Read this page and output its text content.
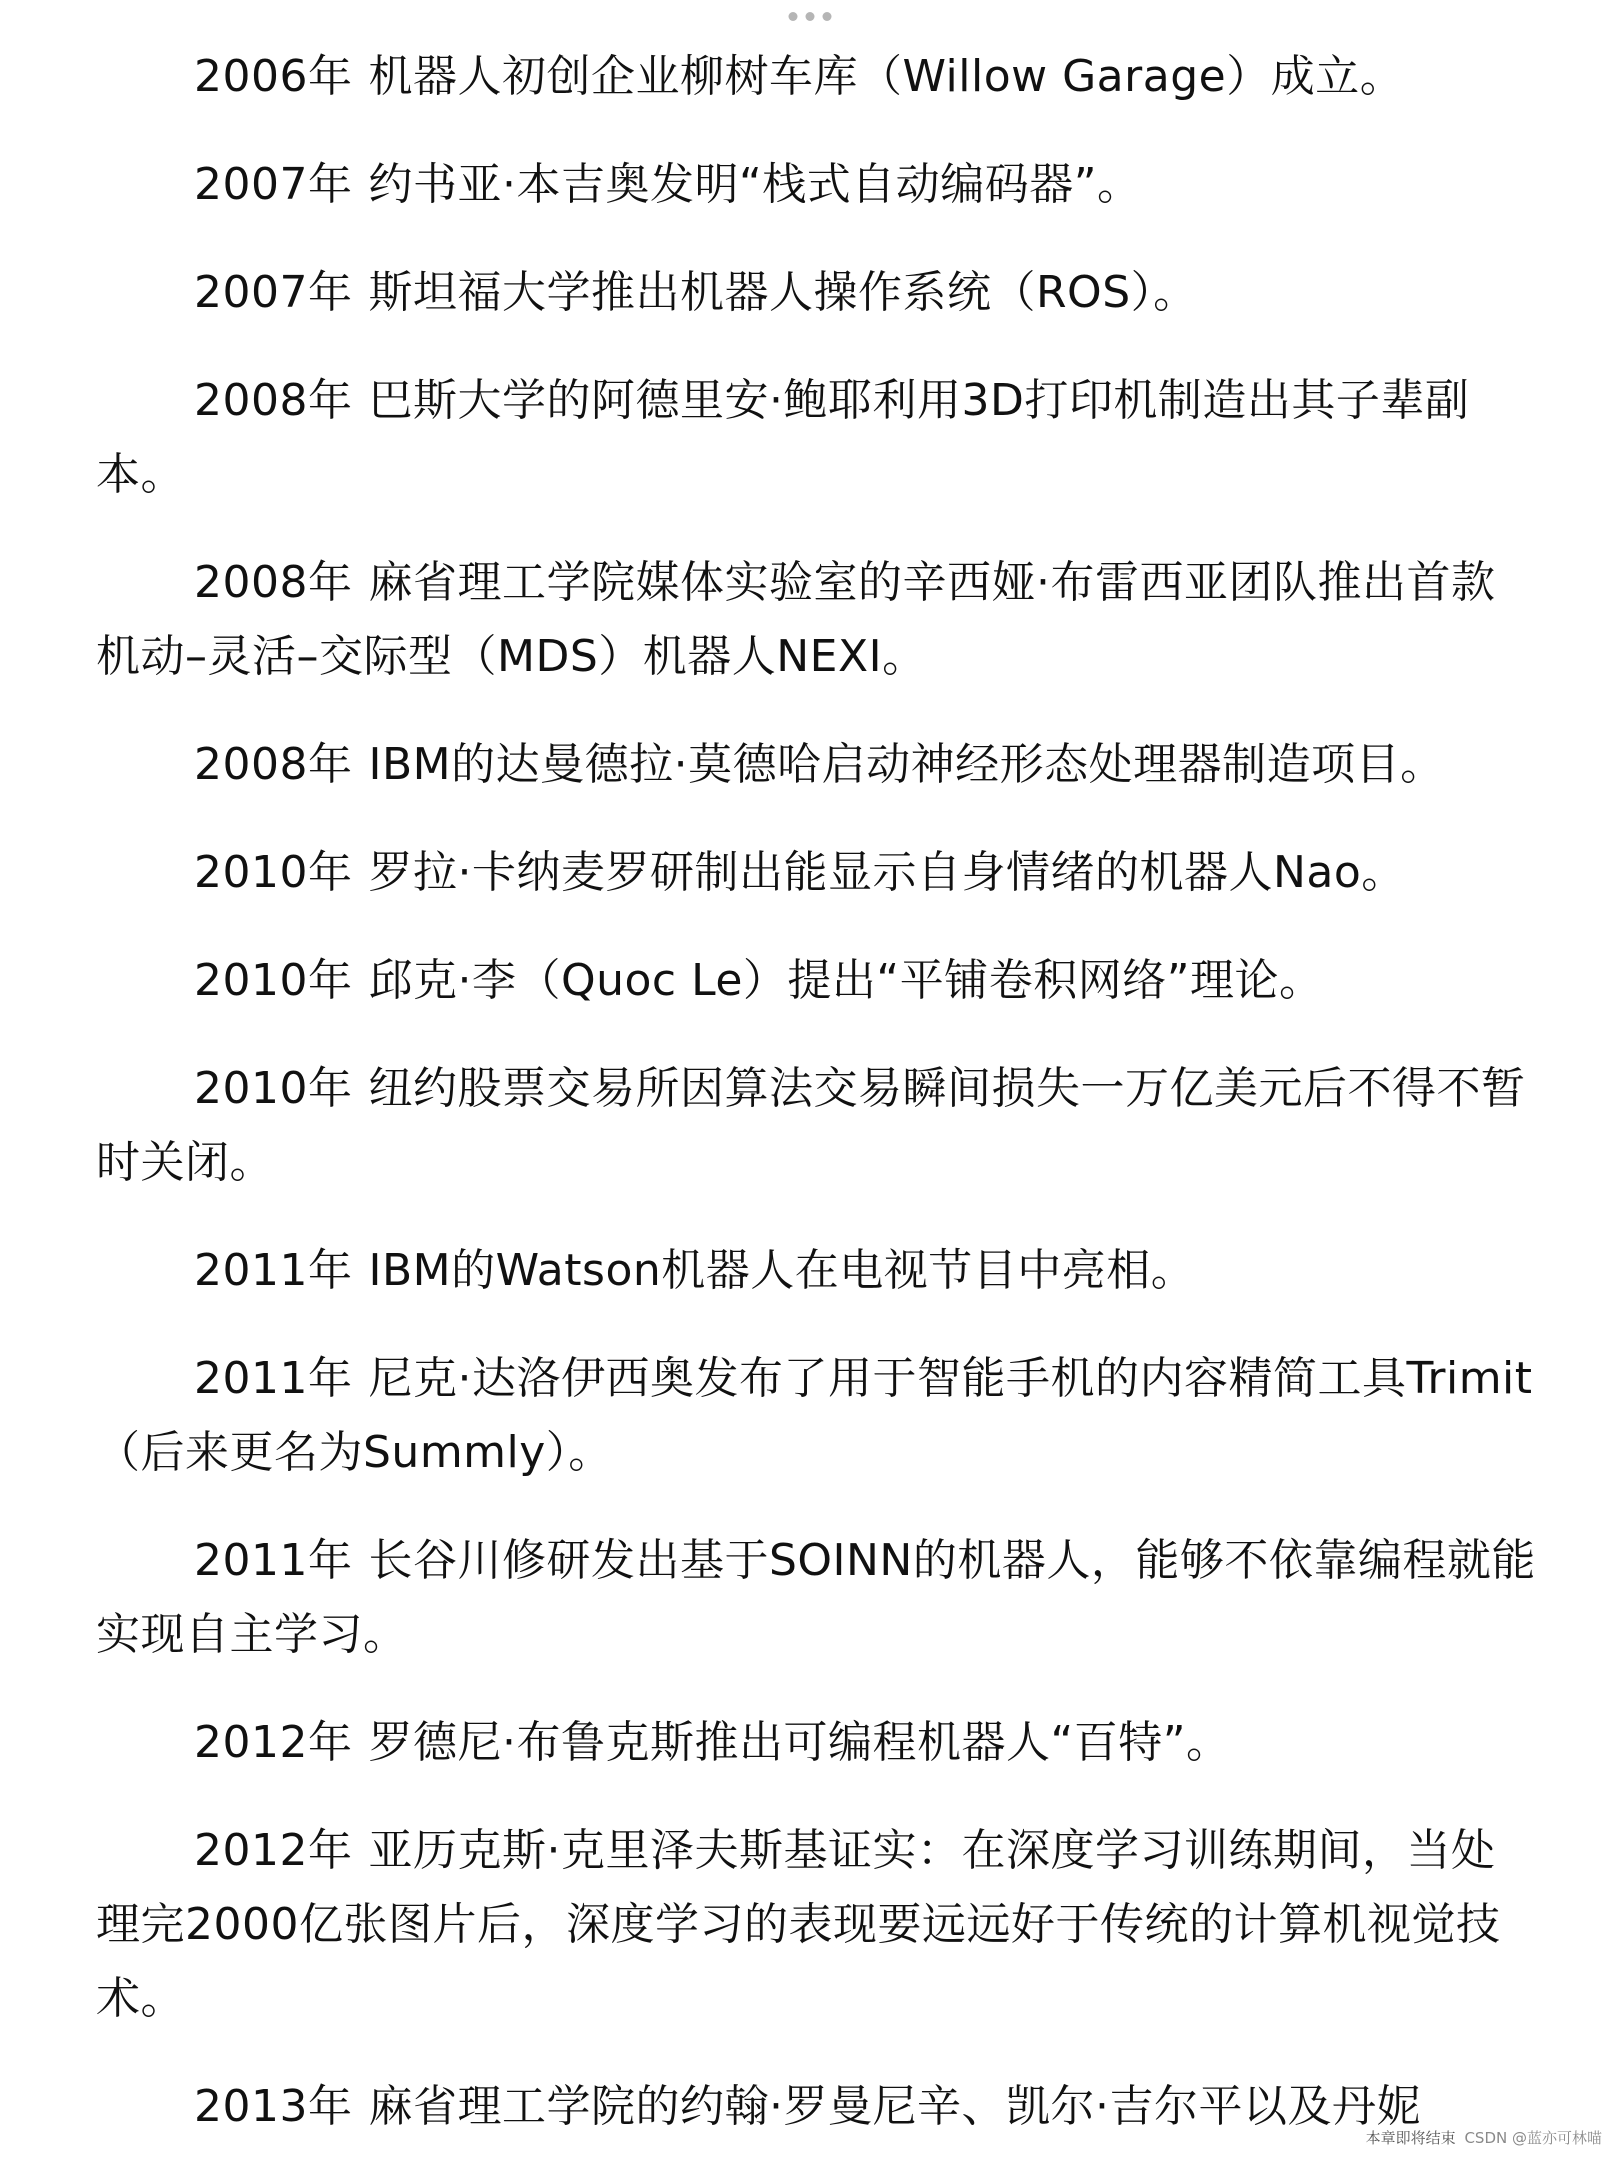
2006年 机器人初创企业柳树车库（Willow Garage）成立。

2007年 约书亚·本吉奥发明“栈式自动编码器”。

2007年 斯坦福大学推出机器人操作系统（ROS）。

2008年 巴斯大学的阿德里安·鲍耶利用3D打印机制造出其子辈副本。

2008年 麻省理工学院媒体实验室的辛西娅·布雷西亚团队推出首款机动–灵活–交际型（MDS）机器人NEXI。

2008年 IBM的达曼德拉·莫德哈启动神经形态处理器制造项目。

2010年 罗拉·卡纳麦罗研制出能显示自身情绪的机器人Nao。

2010年 邱克·李（Quoc Le）提出“平铺卷积网络”理论。

2010年 纽约股票交易所因算法交易瞬间损失一万亿美元后不得不暂时关闭。

2011年 IBM的Watson机器人在电视节目中亮相。

2011年 尼克·达洛伊西奥发布了用于智能手机的内容精简工具Trimit（后来更名为Summly）。

2011年 长谷川修研发出基于SOINN的机器人，能够不依靠编程就能实现自主学习。

2012年 罗德尼·布鲁克斯推出可编程机器人“百特”。

2012年 亚历克斯·克里泽夫斯基证实：在深度学习训练期间，当处理完2000亿张图片后，深度学习的表现要远远好于传统的计算机视觉技术。

2013年 麻省理工学院的约翰·罗曼尼辛、凯尔·吉尔平以及丹妮

本章即将结束 CSDN @蓝亦可林喵
